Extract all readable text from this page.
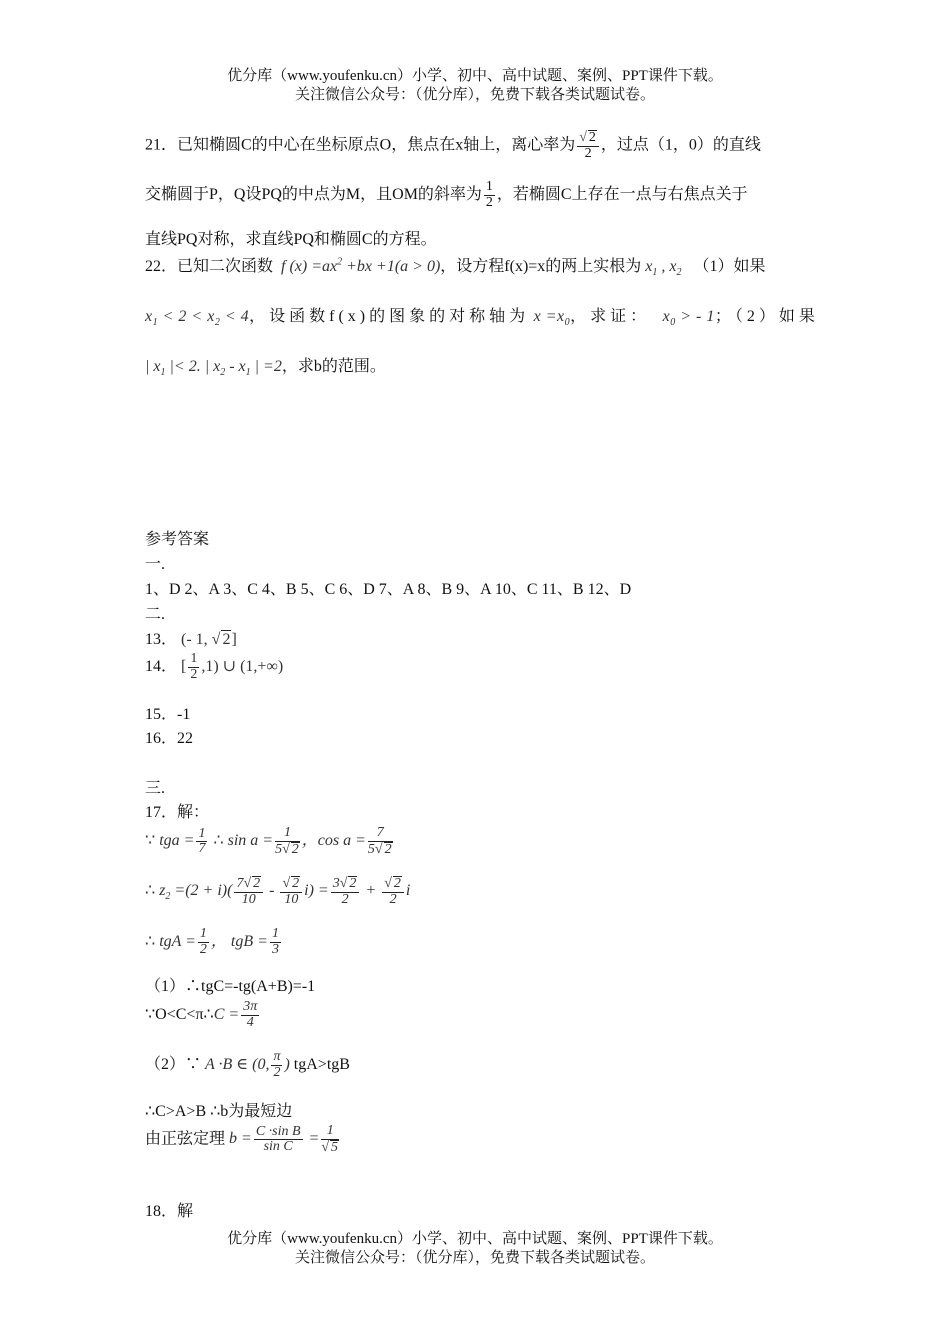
优分库（www.youfenku.cn）小学、初中、高中试题、案例、PPT课件下载。
关注微信公众号：（优分库），免费下载各类试题试卷。
21．已知椭圆C的中心在坐标原点O，焦点在x轴上，离心率为 $\frac{√ 2}{2}$ ，过点（1，0）的直线
交椭圆于P，Q设PQ的中点为M，且OM的斜率为 $\frac{1}{2}$ ，若椭圆C上存在一点与右焦点关于
直线PQ对称，求直线PQ和椭圆C的方程。
22．已知二次函数 f $(x) =ax^2 +bx +1(a > 0)$，设方程f(x)=x的两上实根为 $x_1$ , $x_2$ （1）如果
$x_1 < 2 < x_2 < 4$，设函数f(x)的图象的对称轴为 $x =x_0$，求证： $x_0$ > - 1；（2）如果
| $x_1$ |< 2. | $x_2 - x_1$ | =2，求b的范围。
参考答案
一.
1、D 2、A 3、C 4、B 5、C 6、D 7、A 8、B 9、A 10、C 11、B 12、D
二.
13． (- 1, √ 2]
14． [ $\frac{1}{2} ,1$) ∪ (1,+∞)
15．-1
16．22
三.
17．解：
∵ tga = $\frac{1}{7}$ ∴ $\sin a = \frac{1}{5√ 2}$ ，$\cos a = \frac{7}{5√ 2}$
∴ $z_2 =(2 + i)( \frac{7√ 2}{10} - \frac{√ 2}{10} i) = \frac{3√ 2}{2} + \frac{√ 2}{2}$ i
∴ tgA = $\frac{1}{2}$ ， tgB = $\frac{1}{3}$
（1）∴tgC=-tg(A+B)=-1
∵O<C<π∴C = $\frac{3\pi}{4}$
（2）∵ A ·B ∈ (0, $\frac{\pi}{2}$ ) tgA>tgB
∴C>A>B ∴b为最短边
由正弦定理 $b = \frac{\text{C ·sin B}}{\text{sin C}} = \frac{1}{√ 5}$
18．解
优分库（www.youfenku.cn）小学、初中、高中试题、案例、PPT课件下载。
关注微信公众号：（优分库），免费下载各类试题试卷。
